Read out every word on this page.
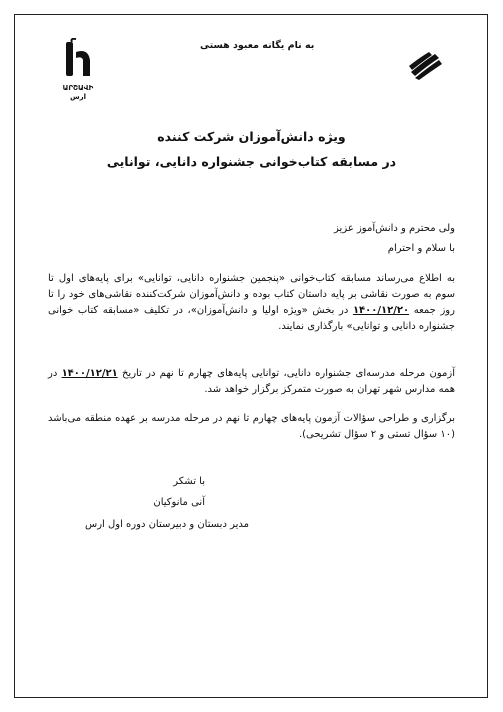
به نام یگانه معبود هستی
ԱՐՇԱՎԻ
ارس
ویژه دانش‌آموزان شرکت کننده
در مسابقه کتاب‌خوانی جشنواره دانایی، توانایی
ولی محترم و دانش‌آموز عزیز
با سلام و احترام
به اطلاع می‌رساند مسابقه کتاب‌خوانی «پنجمین جشنواره دانایی، توانایی» برای پایه‌های اول تا سوم به صورت نقاشی بر پایه داستان کتاب بوده و دانش‌آموزان شرکت‌کننده نقاشی‌های خود را تا روز جمعه ۱۴۰۰/۱۲/۲۰ در بخش «ویژه اولیا و دانش‌آموزان»، در تکلیف «مسابقه کتاب خوانی جشنواره دانایی و توانایی» بارگذاری نمایند.
آزمون مرحله مدرسه‌ای جشنواره دانایی، توانایی پایه‌های چهارم تا نهم در تاریخ ۱۴۰۰/۱۲/۲۱ در همه مدارس شهر تهران به صورت متمرکز برگزار خواهد شد.
برگزاری و طراحی سؤالات آزمون پایه‌های چهارم تا نهم در مرحله مدرسه بر عهده منطقه می‌باشد (۱۰ سؤال تستی و ۲ سؤال تشریحی).
با تشکر
آنی مانوکیان
مدیر دبستان و دبیرستان دوره اول ارس
